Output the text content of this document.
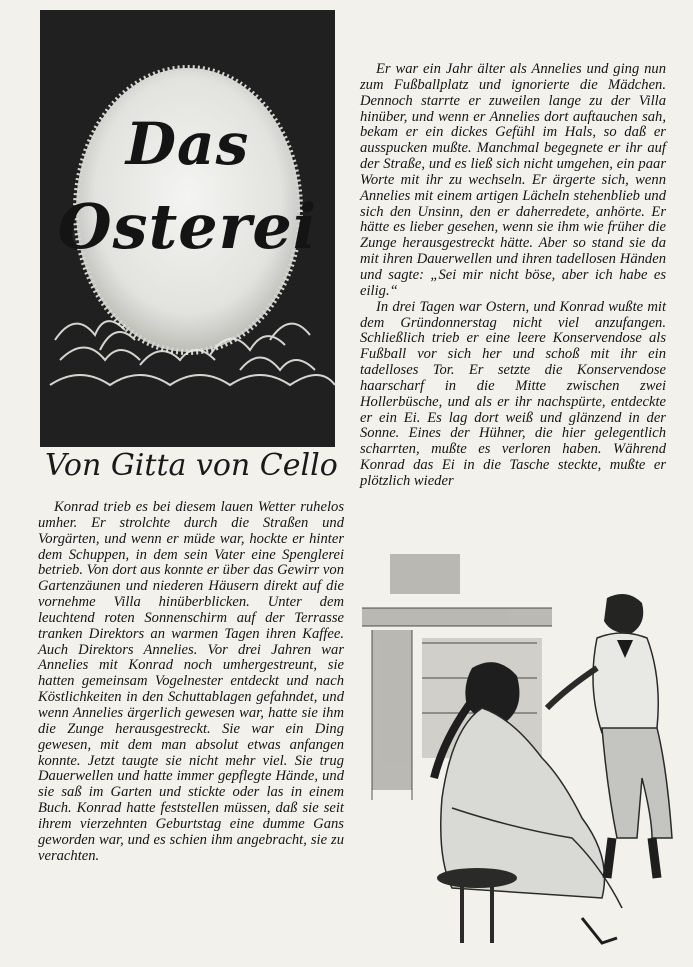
Das
Osterei
Von Gitta von Cello

Konrad trieb es bei diesem lauen Wetter ruhelos umher. Er strolchte durch die Straßen und Vorgärten, und wenn er müde war, hockte er hinter dem Schuppen, in dem sein Vater eine Spenglerei betrieb. Von dort aus konnte er über das Gewirr von Gartenzäunen und niederen Häusern direkt auf die vornehme Villa hinüberblicken. Unter dem leuchtend roten Sonnenschirm auf der Terrasse tranken Direktors an warmen Tagen ihren Kaffee. Auch Direktors Annelies. Vor drei Jahren war Annelies mit Konrad noch umhergestreunt, sie hatten gemeinsam Vogelnester entdeckt und nach Köstlichkeiten in den Schuttablagen gefahndet, und wenn Annelies ärgerlich gewesen war, hatte sie ihm die Zunge herausgestreckt. Sie war ein Ding gewesen, mit dem man absolut etwas anfangen konnte. Jetzt taugte sie nicht mehr viel. Sie trug Dauerwellen und hatte immer gepflegte Hände, und sie saß im Garten und stickte oder las in einem Buch. Konrad hatte feststellen müssen, daß sie seit ihrem vierzehnten Geburtstag eine dumme Gans geworden war, und es schien ihm angebracht, sie zu verachten.

Er war ein Jahr älter als Annelies und ging nun zum Fußballplatz und ignorierte die Mädchen. Dennoch starrte er zuweilen lange zu der Villa hinüber, und wenn er Annelies dort auftauchen sah, bekam er ein dickes Gefühl im Hals, so daß er ausspucken mußte. Manchmal begegnete er ihr auf der Straße, und es ließ sich nicht umgehen, ein paar Worte mit ihr zu wechseln. Er ärgerte sich, wenn Annelies mit einem artigen Lächeln stehenblieb und sich den Unsinn, den er daherredete, anhörte. Er hätte es lieber gesehen, wenn sie ihm wie früher die Zunge herausgestreckt hätte. Aber so stand sie da mit ihren Dauerwellen und ihren tadellosen Händen und sagte: „Sei mir nicht böse, aber ich habe es eilig.“

In drei Tagen war Ostern, und Konrad wußte mit dem Gründonnerstag nicht viel anzufangen. Schließlich trieb er eine leere Konservendose als Fußball vor sich her und schoß mit ihr ein tadelloses Tor. Er setzte die Konservendose haarscharf in die Mitte zwischen zwei Hollerbüsche, und als er ihr nachspürte, entdeckte er ein Ei. Es lag dort weiß und glänzend in der Sonne. Eines der Hühner, die hier gelegentlich scharrten, mußte es verloren haben. Während Konrad das Ei in die Tasche steckte, mußte er plötzlich wieder
